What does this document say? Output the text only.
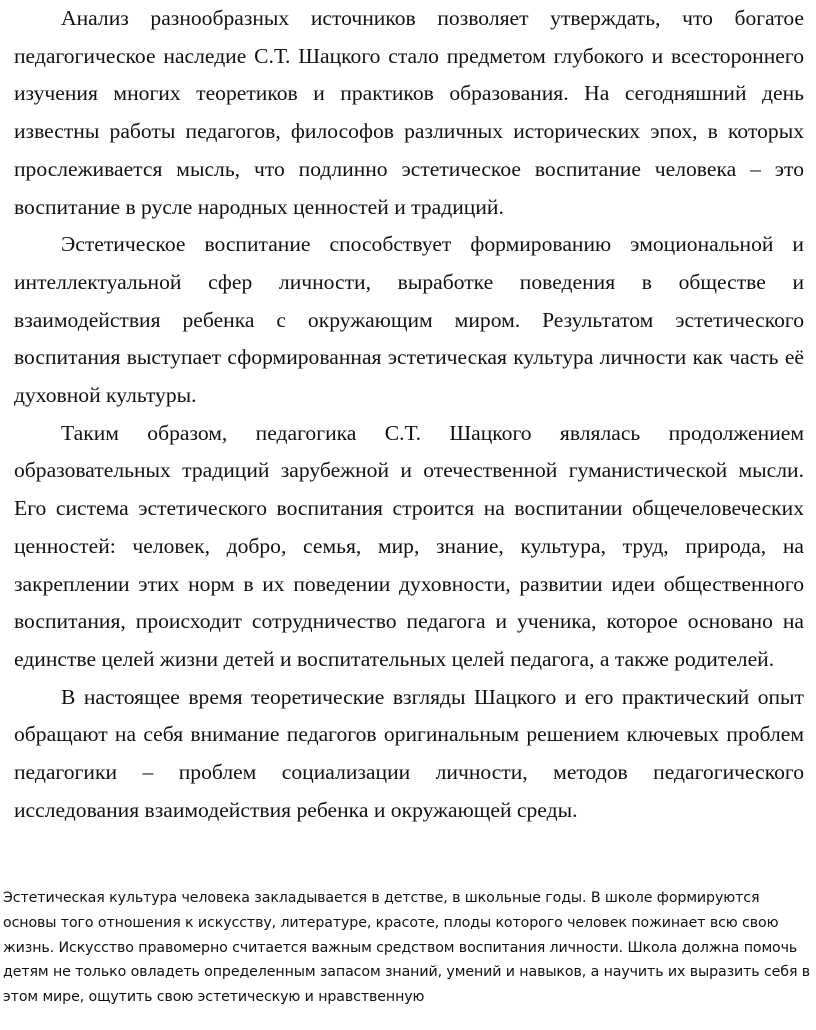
Анализ разнообразных источников позволяет утверждать, что богатое педагогическое наследие С.Т. Шацкого стало предметом глубокого и всестороннего изучения многих теоретиков и практиков образования. На сегодняшний день известны работы педагогов, философов различных исторических эпох, в которых прослеживается мысль, что подлинно эстетическое воспитание человека – это воспитание в русле народных ценностей и традиций.

Эстетическое воспитание способствует формированию эмоциональной и интеллектуальной сфер личности, выработке поведения в обществе и взаимодействия ребенка с окружающим миром. Результатом эстетического воспитания выступает сформированная эстетическая культура личности как часть её духовной культуры.

Таким образом, педагогика С.Т. Шацкого являлась продолжением образовательных традиций зарубежной и отечественной гуманистической мысли. Его система эстетического воспитания строится на воспитании общечеловеческих ценностей: человек, добро, семья, мир, знание, культура, труд, природа, на закреплении этих норм в их поведении духовности, развитии идеи общественного воспитания, происходит сотрудничество педагога и ученика, которое основано на единстве целей жизни детей и воспитательных целей педагога, а также родителей.

В настоящее время теоретические взгляды Шацкого и его практический опыт обращают на себя внимание педагогов оригинальным решением ключевых проблем педагогики – проблем социализации личности, методов педагогического исследования взаимодействия ребенка и окружающей среды.

Эстетическая культура человека закладывается в детстве, в школьные годы. В школе формируются основы того отношения к искусству, литературе, красоте, плоды которого человек пожинает всю свою жизнь. Искусство правомерно считается важным средством воспитания личности. Школа должна помочь детям не только овладеть определенным запасом знаний, умений и навыков, а научить их выразить себя в этом мире, ощутить свою эстетическую и нравственную
